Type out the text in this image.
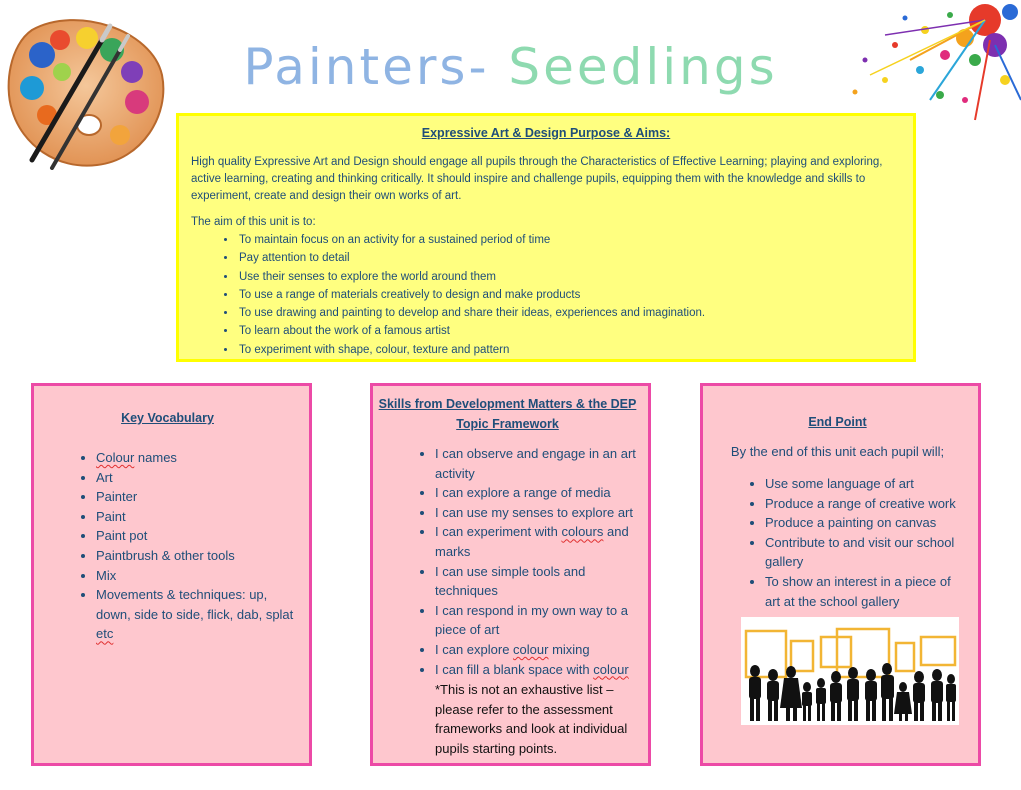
Painters- Seedlings
Expressive Art & Design Purpose & Aims:

High quality Expressive Art and Design should engage all pupils through the Characteristics of Effective Learning; playing and exploring, active learning, creating and thinking critically. It should inspire and challenge pupils, equipping them with the knowledge and skills to experiment, create and design their own works of art.

The aim of this unit is to:

• To maintain focus on an activity for a sustained period of time
• Pay attention to detail
• Use their senses to explore the world around them
• To use a range of materials creatively to design and make products
• To use drawing and painting to develop and share their ideas, experiences and imagination.
• To learn about the work of a famous artist
• To experiment with shape, colour, texture and pattern
Key Vocabulary
• Colour names
• Art
• Painter
• Paint
• Paint pot
• Paintbrush & other tools
• Mix
• Movements & techniques: up, down, side to side, flick, dab, splat etc
Skills from Development Matters & the DEP Topic Framework
• I can observe and engage in an art activity
• I can explore a range of media
• I can use my senses to explore art
• I can experiment with colours and marks
• I can use simple tools and techniques
• I can respond in my own way to a piece of art
• I can explore colour mixing
• I can fill a blank space with colour
*This is not an exhaustive list – please refer to the assessment frameworks and look at individual pupils starting points.
End Point

By the end of this unit each pupil will;

• Use some language of art
• Produce a range of creative work
• Produce a painting on canvas
• Contribute to and visit our school gallery
• To show an interest in a piece of art at the school gallery
